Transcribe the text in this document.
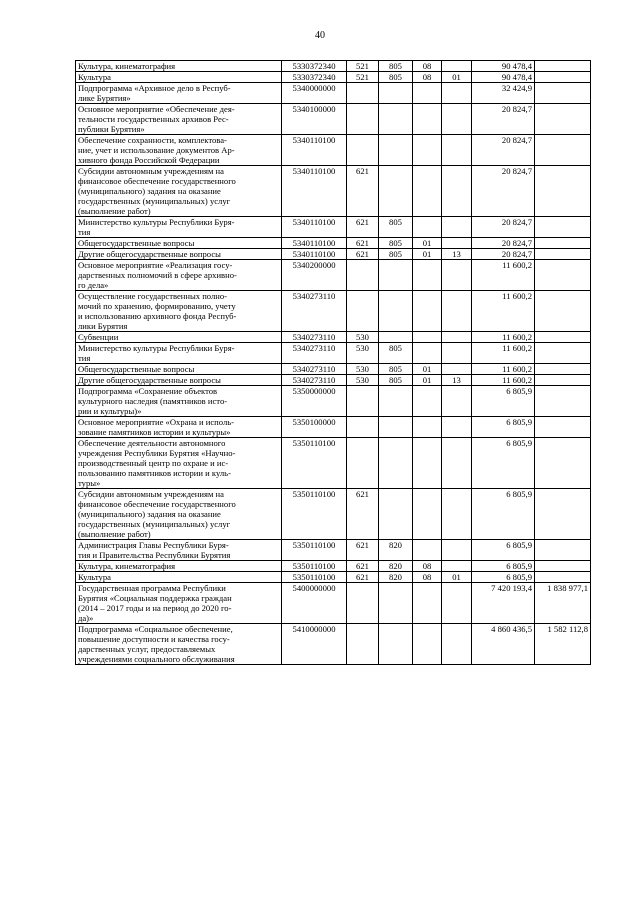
40
Культура, кинематография	5330372340	521	805	08		90 478,4	
Культура	5330372340	521	805	08	01	90 478,4	
Подпрограмма «Архивное дело в Респуб-
лике Бурятия»	5340000000					32 424,9	
Основное мероприятие «Обеспечение дея-
тельности государственных архивов Рес-
публики Бурятия»	5340100000					20 824,7	
Обеспечение сохранности, комплектова-
ние, учет и использование документов Ар-
хивного фонда Российской Федерации	5340110100					20 824,7	
Субсидии автономным учреждениям на
финансовое обеспечение государственного
(муниципального) задания на оказание
государственных (муниципальных) услуг
(выполнение работ)	5340110100	621				20 824,7	
Министерство культуры Республики Буря-
тия	5340110100	621	805			20 824,7	
Общегосударственные вопросы	5340110100	621	805	01		20 824,7	
Другие общегосударственные вопросы	5340110100	621	805	01	13	20 824,7	
Основное мероприятие «Реализация госу-
дарственных полномочий в сфере архивно-
го дела»	5340200000					11 600,2	
Осуществление государственных полно-
мочий по хранению, формированию, учету
и использованию архивного фонда Респуб-
лики Бурятия	5340273110					11 600,2	
Субвенции	5340273110	530				11 600,2	
Министерство культуры Республики Буря-
тия	5340273110	530	805			11 600,2	
Общегосударственные вопросы	5340273110	530	805	01		11 600,2	
Другие общегосударственные вопросы	5340273110	530	805	01	13	11 600,2	
Подпрограмма «Сохранение объектов
культурного наследия (памятников исто-
рии и культуры)»	5350000000					6 805,9	
Основное мероприятие «Охрана и исполь-
зование памятников истории и культуры»	5350100000					6 805,9	
Обеспечение деятельности автономного
учреждения Республики Бурятия «Научно-
производственный центр по охране и ис-
пользованию памятников истории и куль-
туры»	5350110100					6 805,9	
Субсидии автономным учреждениям на
финансовое обеспечение государственного
(муниципального) задания на оказание
государственных (муниципальных) услуг
(выполнение работ)	5350110100	621				6 805,9	
Администрация Главы Республики Буря-
тия и Правительства Республики Бурятия	5350110100	621	820			6 805,9	
Культура, кинематография	5350110100	621	820	08		6 805,9	
Культура	5350110100	621	820	08	01	6 805,9	
Государственная программа Республики
Бурятия «Социальная поддержка граждан
(2014 – 2017 годы и на период до 2020 го-
да)»	5400000000					7 420 193,4	1 838 977,1
Подпрограмма «Социальное обеспечение,
повышение доступности и качества госу-
дарственных услуг, предоставляемых
учреждениями социального обслуживания	5410000000					4 860 436,5	1 582 112,8
